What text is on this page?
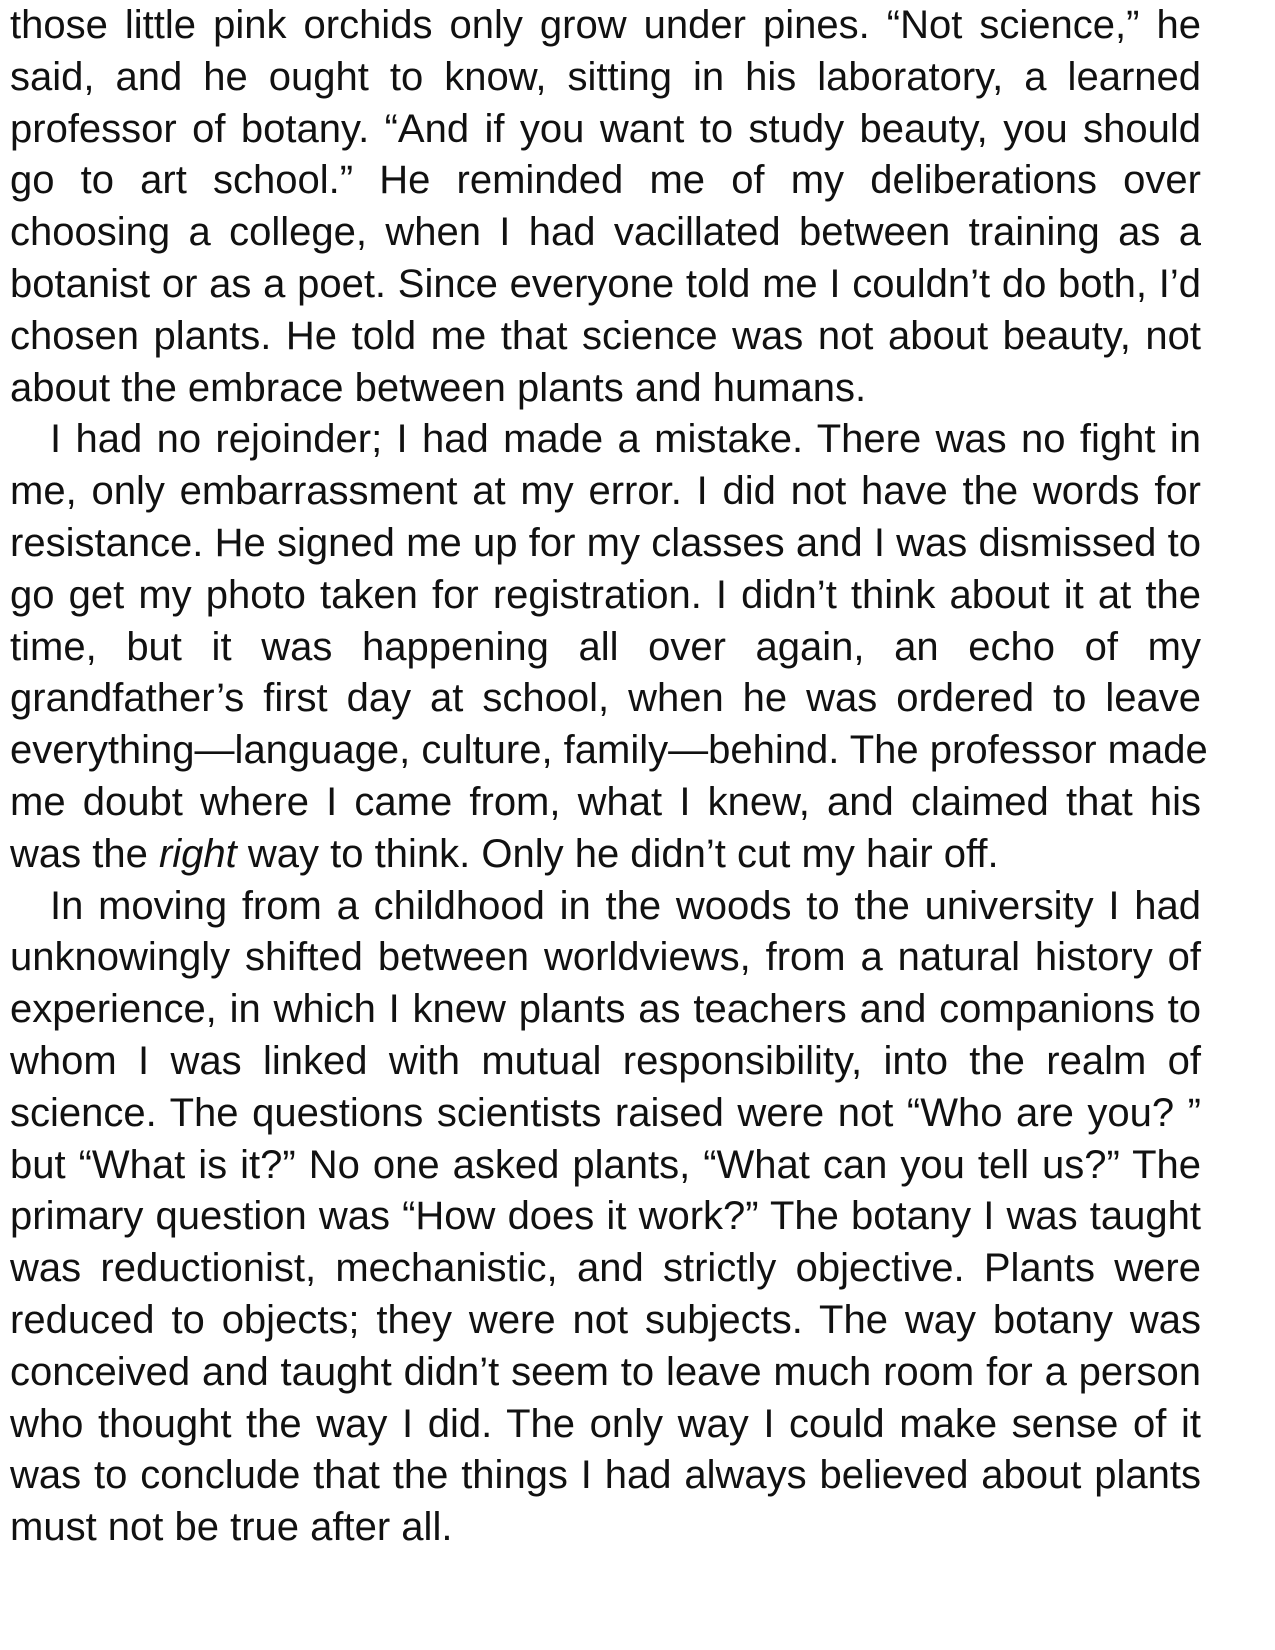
those little pink orchids only grow under pines. “Not science,” he
said, and he ought to know, sitting in his laboratory, a learned
professor of botany. “And if you want to study beauty, you should
go to art school.” He reminded me of my deliberations over
choosing a college, when I had vacillated between training as a
botanist or as a poet. Since everyone told me I couldn’t do both, I’d
chosen plants. He told me that science was not about beauty, not
about the embrace between plants and humans.
I had no rejoinder; I had made a mistake. There was no fight in
me, only embarrassment at my error. I did not have the words for
resistance. He signed me up for my classes and I was dismissed to
go get my photo taken for registration. I didn’t think about it at the
time, but it was happening all over again, an echo of my
grandfather’s first day at school, when he was ordered to leave
everything—language, culture, family—behind. The professor made
me doubt where I came from, what I knew, and claimed that his
was the right way to think. Only he didn’t cut my hair off.
In moving from a childhood in the woods to the university I had
unknowingly shifted between worldviews, from a natural history of
experience, in which I knew plants as teachers and companions to
whom I was linked with mutual responsibility, into the realm of
science. The questions scientists raised were not “Who are you? ”
but “What is it?” No one asked plants, “What can you tell us?” The
primary question was “How does it work?” The botany I was taught
was reductionist, mechanistic, and strictly objective. Plants were
reduced to objects; they were not subjects. The way botany was
conceived and taught didn’t seem to leave much room for a person
who thought the way I did. The only way I could make sense of it
was to conclude that the things I had always believed about plants
must not be true after all.
